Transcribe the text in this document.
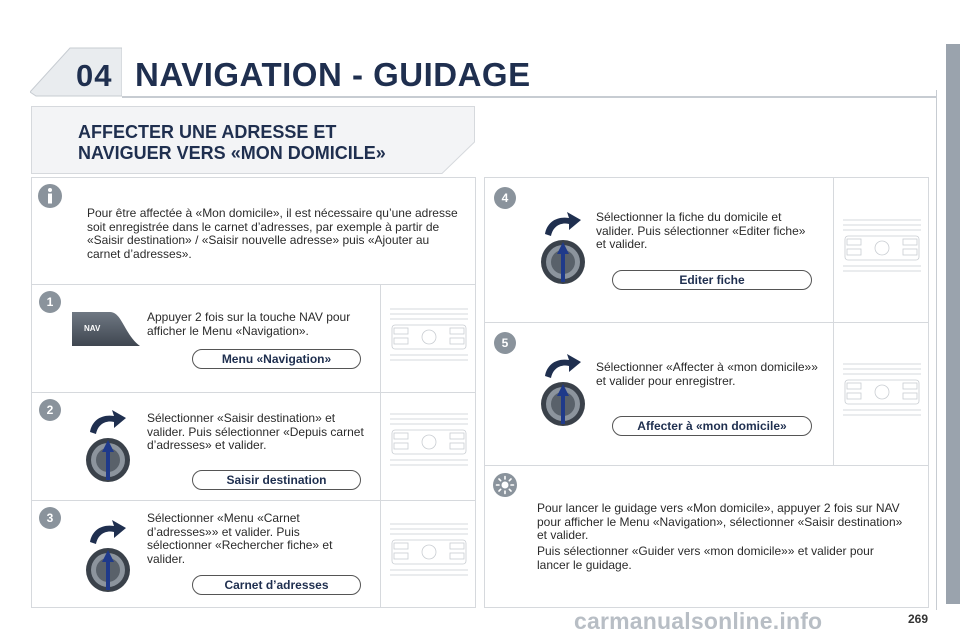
04 NAVIGATION - GUIDAGE
AFFECTER UNE ADRESSE ET
NAVIGUER VERS «MON DOMICILE»
Pour être affectée à «Mon domicile», il est nécessaire qu’une adresse soit enregistrée dans le carnet d’adresses, par exemple à partir de «Saisir destination» / «Saisir nouvelle adresse» puis «Ajouter au carnet d’adresses».
1
NAV
Appuyer 2 fois sur la touche NAV pour afficher le Menu «Navigation».
Menu «Navigation»
2
Sélectionner «Saisir destination» et valider. Puis sélectionner «Depuis carnet d’adresses» et valider.
Saisir destination
3	Sélectionner «Menu «Carnet d’adresses»» et valider. Puis sélectionner «Rechercher fiche» et valider.
Carnet d’adresses
4
Sélectionner la fiche du domicile et valider. Puis sélectionner «Editer fiche» et valider.
Editer fiche
5
Sélectionner «Affecter à «mon domicile»» et valider pour enregistrer.
Affecter à «mon domicile»
Pour lancer le guidage vers «Mon domicile», appuyer 2 fois sur NAV pour afficher le Menu «Navigation», sélectionner «Saisir destination» et valider.
Puis sélectionner «Guider vers «mon domicile»» et valider pour lancer le guidage.
carmanualsonline.info	269
